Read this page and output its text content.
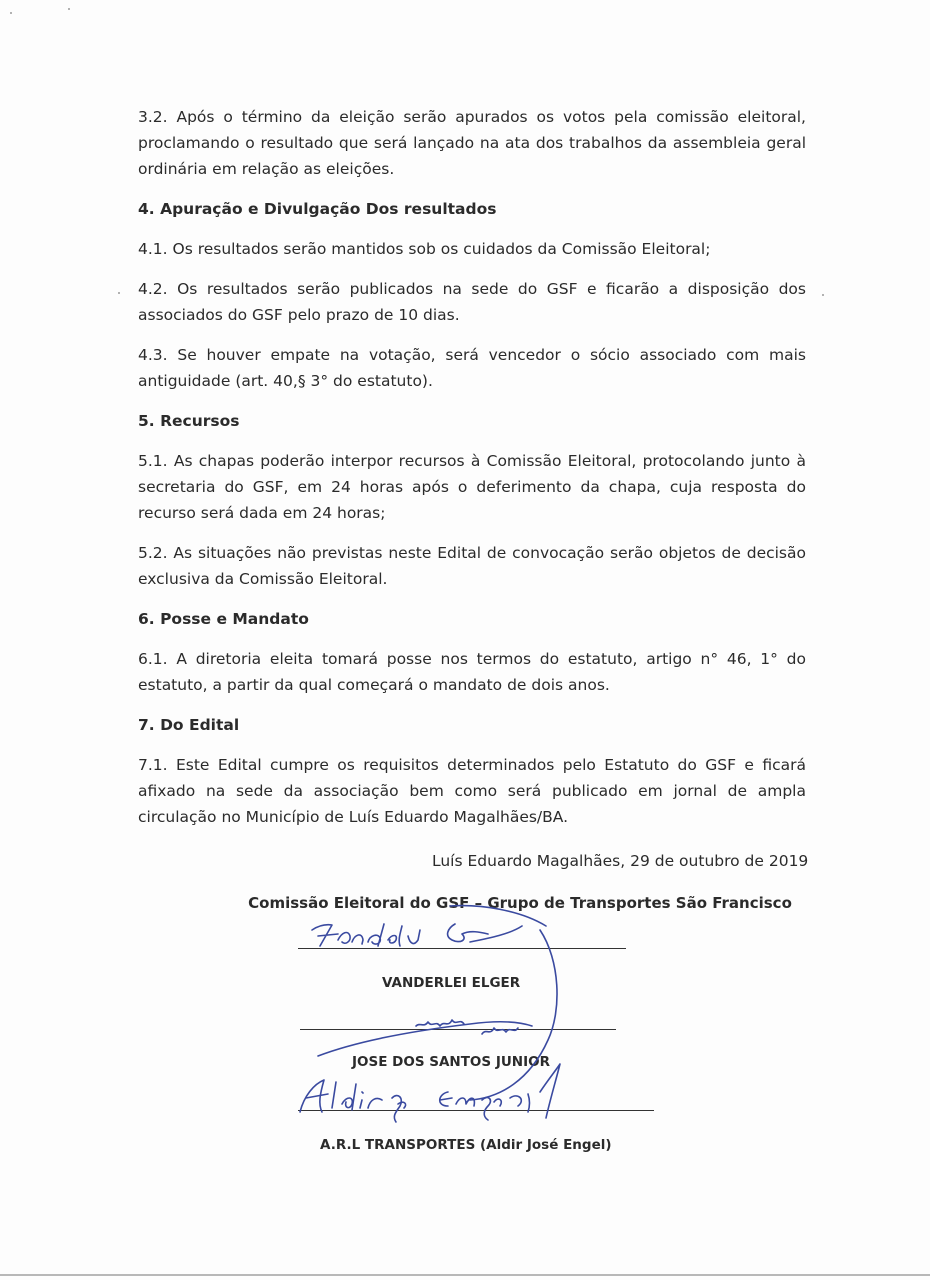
3.2. Após o término da eleição serão apurados os votos pela comissão eleitoral, proclamando o resultado que será lançado na ata dos trabalhos da assembleia geral ordinária em relação as eleições.

4. Apuração e Divulgação Dos resultados

4.1. Os resultados serão mantidos sob os cuidados da Comissão Eleitoral;

4.2. Os resultados serão publicados na sede do GSF e ficarão a disposição dos associados do GSF pelo prazo de 10 dias.

4.3. Se houver empate na votação, será vencedor o sócio associado com mais antiguidade (art. 40,§ 3° do estatuto).

5. Recursos

5.1. As chapas poderão interpor recursos à Comissão Eleitoral, protocolando junto à secretaria do GSF, em 24 horas após o deferimento da chapa, cuja resposta do recurso será dada em 24 horas;

5.2. As situações não previstas neste Edital de convocação serão objetos de decisão exclusiva da Comissão Eleitoral.

6. Posse e Mandato

6.1. A diretoria eleita tomará posse nos termos do estatuto, artigo n° 46, 1° do estatuto, a partir da qual começará o mandato de dois anos.

7. Do Edital

7.1. Este Edital cumpre os requisitos determinados pelo Estatuto do GSF e ficará afixado na sede da associação bem como será publicado em jornal de ampla circulação no Município de Luís Eduardo Magalhães/BA.

Luís Eduardo Magalhães, 29 de outubro de 2019
Comissão Eleitoral do GSF – Grupo de Transportes São Francisco
VANDERLEI ELGER
JOSE DOS SANTOS JUNIOR
A.R.L TRANSPORTES (Aldir José Engel)
